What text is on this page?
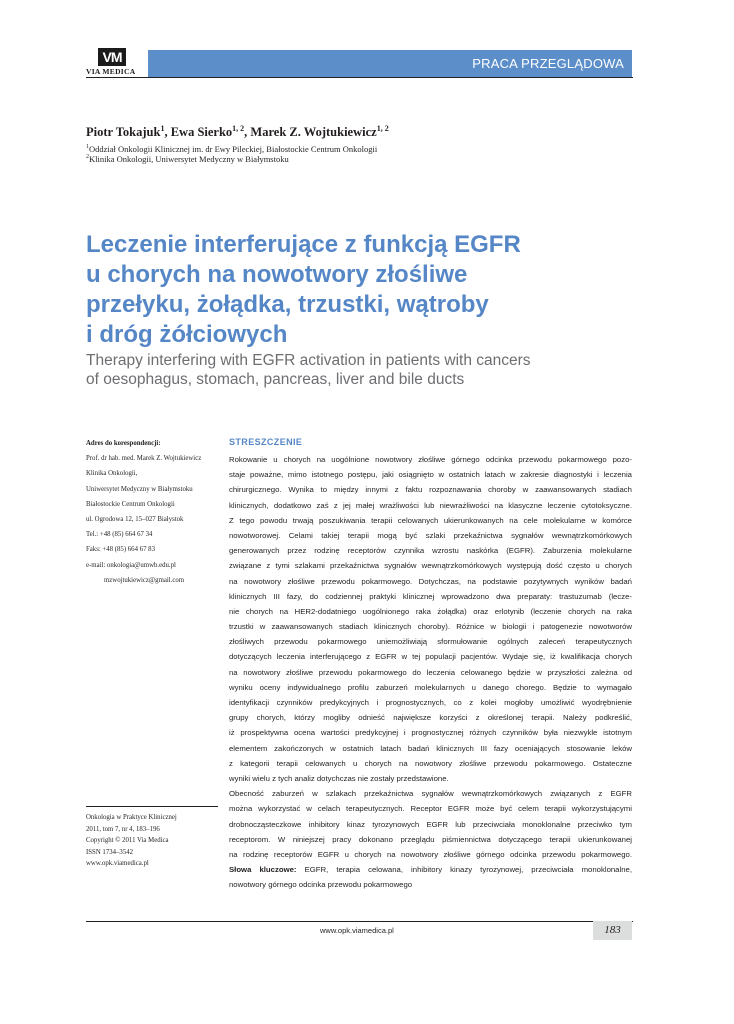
VM
VIA MEDICA
PRACA PRZEGLĄDOWA
Piotr Tokajuk$^1$, Ewa Sierko$^{1, 2}$, Marek Z. Wojtukiewicz$^{1, 2}$
$^1$Oddział Onkologii Klinicznej im. dr Ewy Pileckiej, Białostockie Centrum Onkologii
$^2$Klinika Onkologii, Uniwersytet Medyczny w Białymstoku
Leczenie interferujące z funkcją EGFR
u chorych na nowotwory złośliwe
przełyku, żołądka, trzustki, wątroby
i dróg żółciowych
Therapy interfering with EGFR activation in patients with cancers
of oesophagus, stomach, pancreas, liver and bile ducts
Adres do korespondencji:
Prof. dr hab. med. Marek Z. Wojtukiewicz
Klinika Onkologii,
Uniwersytet Medyczny w Białymstoku
Białostockie Centrum Onkologii
ul. Ogrodowa 12, 15–027 Białystok
Tel.: +48 (85) 664 67 34
Faks: +48 (85) 664 67 83
e-mail: onkologia@umwb.edu.pl
mzwojtukiewicz@gmail.com
Onkologia w Praktyce Klinicznej
2011, tom 7, nr 4, 183–196
Copyright © 2011 Via Medica
ISSN 1734–3542
www.opk.viamedica.pl
STRESZCZENIE
Rokowanie u chorych na uogólnione nowotwory złośliwe górnego odcinka przewodu pokarmowego pozo-
staje poważne, mimo istotnego postępu, jaki osiągnięto w ostatnich latach w zakresie diagnostyki i leczenia
chirurgicznego. Wynika to między innymi z faktu rozpoznawania choroby w zaawansowanych stadiach
klinicznych, dodatkowo zaś z jej małej wrażliwości lub niewrażliwości na klasyczne leczenie cytotoksyczne.
Z tego powodu trwają poszukiwania terapii celowanych ukierunkowanych na cele molekularne w komórce
nowotworowej. Celami takiej terapii mogą być szlaki przekaźnictwa sygnałów wewnątrzkomórkowych
generowanych przez rodzinę receptorów czynnika wzrostu naskórka (EGFR). Zaburzenia molekularne
związane z tymi szlakami przekaźnictwa sygnałów wewnątrzkomórkowych występują dość często u chorych
na nowotwory złośliwe przewodu pokarmowego. Dotychczas, na podstawie pozytywnych wyników badań
klinicznych III fazy, do codziennej praktyki klinicznej wprowadzono dwa preparaty: trastuzumab (lecze-
nie chorych na HER2-dodatniego uogólnionego raka żołądka) oraz erlotynib (leczenie chorych na raka
trzustki w zaawansowanych stadiach klinicznych choroby). Różnice w biologii i patogenezie nowotworów
złośliwych przewodu pokarmowego uniemożliwiają sformułowanie ogólnych zaleceń terapeutycznych
dotyczących leczenia interferującego z EGFR w tej populacji pacjentów. Wydaje się, iż kwalifikacja chorych
na nowotwory złośliwe przewodu pokarmowego do leczenia celowanego będzie w przyszłości zależna od
wyniku oceny indywidualnego profilu zaburzeń molekularnych u danego chorego. Będzie to wymagało
identyfikacji czynników predykcyjnych i prognostycznych, co z kolei mogłoby umożliwić wyodrębnienie
grupy chorych, którzy mogliby odnieść największe korzyści z określonej terapii. Należy podkreślić,
iż prospektywna ocena wartości predykcyjnej i prognostycznej różnych czynników była niezwykle istotnym
elementem zakończonych w ostatnich latach badań klinicznych III fazy oceniających stosowanie leków
z kategorii terapii celowanych u chorych na nowotwory złośliwe przewodu pokarmowego. Ostateczne
wyniki wielu z tych analiz dotychczas nie zostały przedstawione.
Obecność zaburzeń w szlakach przekaźnictwa sygnałów wewnątrzkomórkowych związanych z EGFR
można wykorzystać w celach terapeutycznych. Receptor EGFR może być celem terapii wykorzystującymi
drobnocząsteczkowe inhibitory kinaz tyrozynowych EGFR lub przeciwciała monoklonalne przeciwko tym
receptorom. W niniejszej pracy dokonano przeglądu piśmiennictwa dotyczącego terapii ukierunkowanej
na rodzinę receptorów EGFR u chorych na nowotwory złośliwe górnego odcinka przewodu pokarmowego.
Słowa kluczowe: EGFR, terapia celowana, inhibitory kinazy tyrozynowej, przeciwciała monoklonalne,
nowotwory górnego odcinka przewodu pokarmowego
www.opk.viamedica.pl	183
